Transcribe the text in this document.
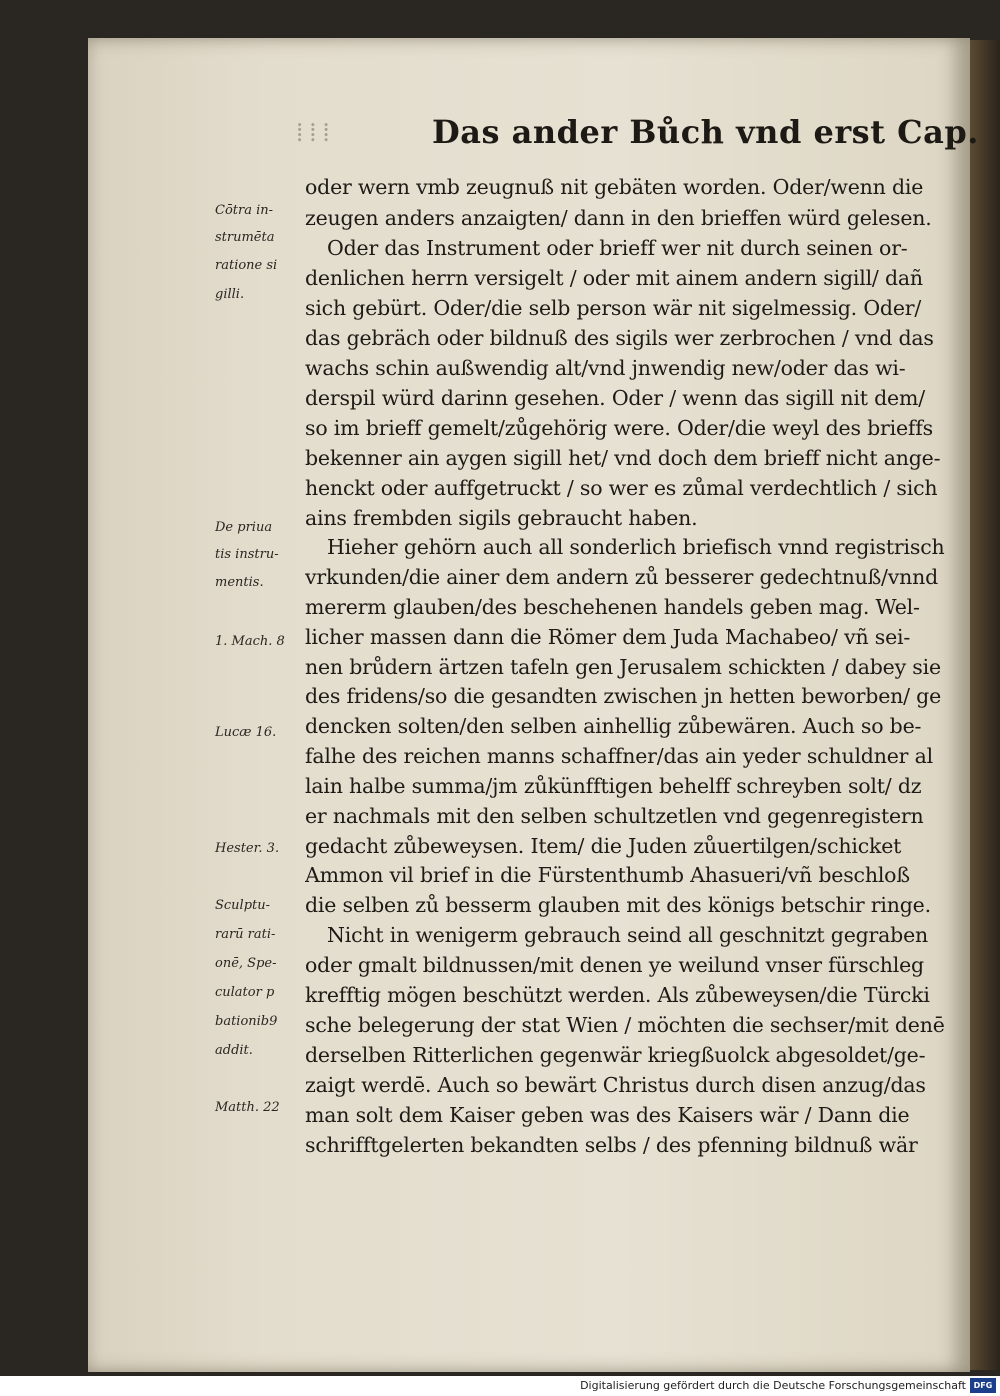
⁞⁞⁞	Das ander Bůch vnd erst Cap.
oder wern vmb zeugnuß nit gebäten worden. Oder/wenn die
zeugen anders anzaigten/ dann in den brieffen würd gelesen.
Oder das Instrument oder brieff wer nit durch seinen or-
denlichen herrn versigelt / oder mit ainem andern sigill/ dañ
sich gebürt. Oder/die selb person wär nit sigelmessig. Oder/
das gebräch oder bildnuß des sigils wer zerbrochen / vnd das
wachs schin außwendig alt/vnd jnwendig new/oder das wi-
derspil würd darinn gesehen. Oder / wenn das sigill nit dem/
so im brieff gemelt/zůgehörig were. Oder/die weyl des brieffs
bekenner ain aygen sigill het/ vnd doch dem brieff nicht ange-
henckt oder auffgetruckt / so wer es zůmal verdechtlich / sich
ains frembden sigils gebraucht haben.
Hieher gehörn auch all sonderlich briefisch vnnd registrisch
vrkunden/die ainer dem andern zů besserer gedechtnuß/vnnd
mererm glauben/des beschehenen handels geben mag. Wel-
licher massen dann die Römer dem Juda Machabeo/ vñ sei-
nen brůdern ärtzen tafeln gen Jerusalem schickten / dabey sie
des fridens/so die gesandten zwischen jn hetten beworben/ ge
dencken solten/den selben ainhellig zůbewären. Auch so be-
falhe des reichen manns schaffner/das ain yeder schuldner al
lain halbe summa/jm zůkünfftigen behelff schreyben solt/ dz
er nachmals mit den selben schultzetlen vnd gegenregistern
gedacht zůbeweysen. Item/ die Juden zůuertilgen/schicket
Ammon vil brief in die Fürstenthumb Ahasueri/vñ beschloß
die selben zů besserm glauben mit des königs betschir ringe.
Nicht in wenigerm gebrauch seind all geschnitzt gegraben
oder gmalt bildnussen/mit denen ye weilund vnser fürschleg
krefftig mögen beschützt werden. Als zůbeweysen/die Türcki
sche belegerung der stat Wien / möchten die sechser/mit denē
derselben Ritterlichen gegenwär kriegßuolck abgesoldet/ge-
zaigt werdē. Auch so bewärt Christus durch disen anzug/das
man solt dem Kaiser geben was des Kaisers wär / Dann die
schrifftgelerten bekandten selbs / des pfenning bildnuß wär
Cōtra in-
strumēta
ratione si
gilli.
De priua
tis instru-
mentis.
1. Mach. 8
Lucæ 16.
Hester. 3.
Sculptu-
rarū rati-
onē, Spe-
culator p
bationib9
addit.
Matth. 22
Digitalisierung gefördert durch die Deutsche Forschungsgemeinschaft DFG
